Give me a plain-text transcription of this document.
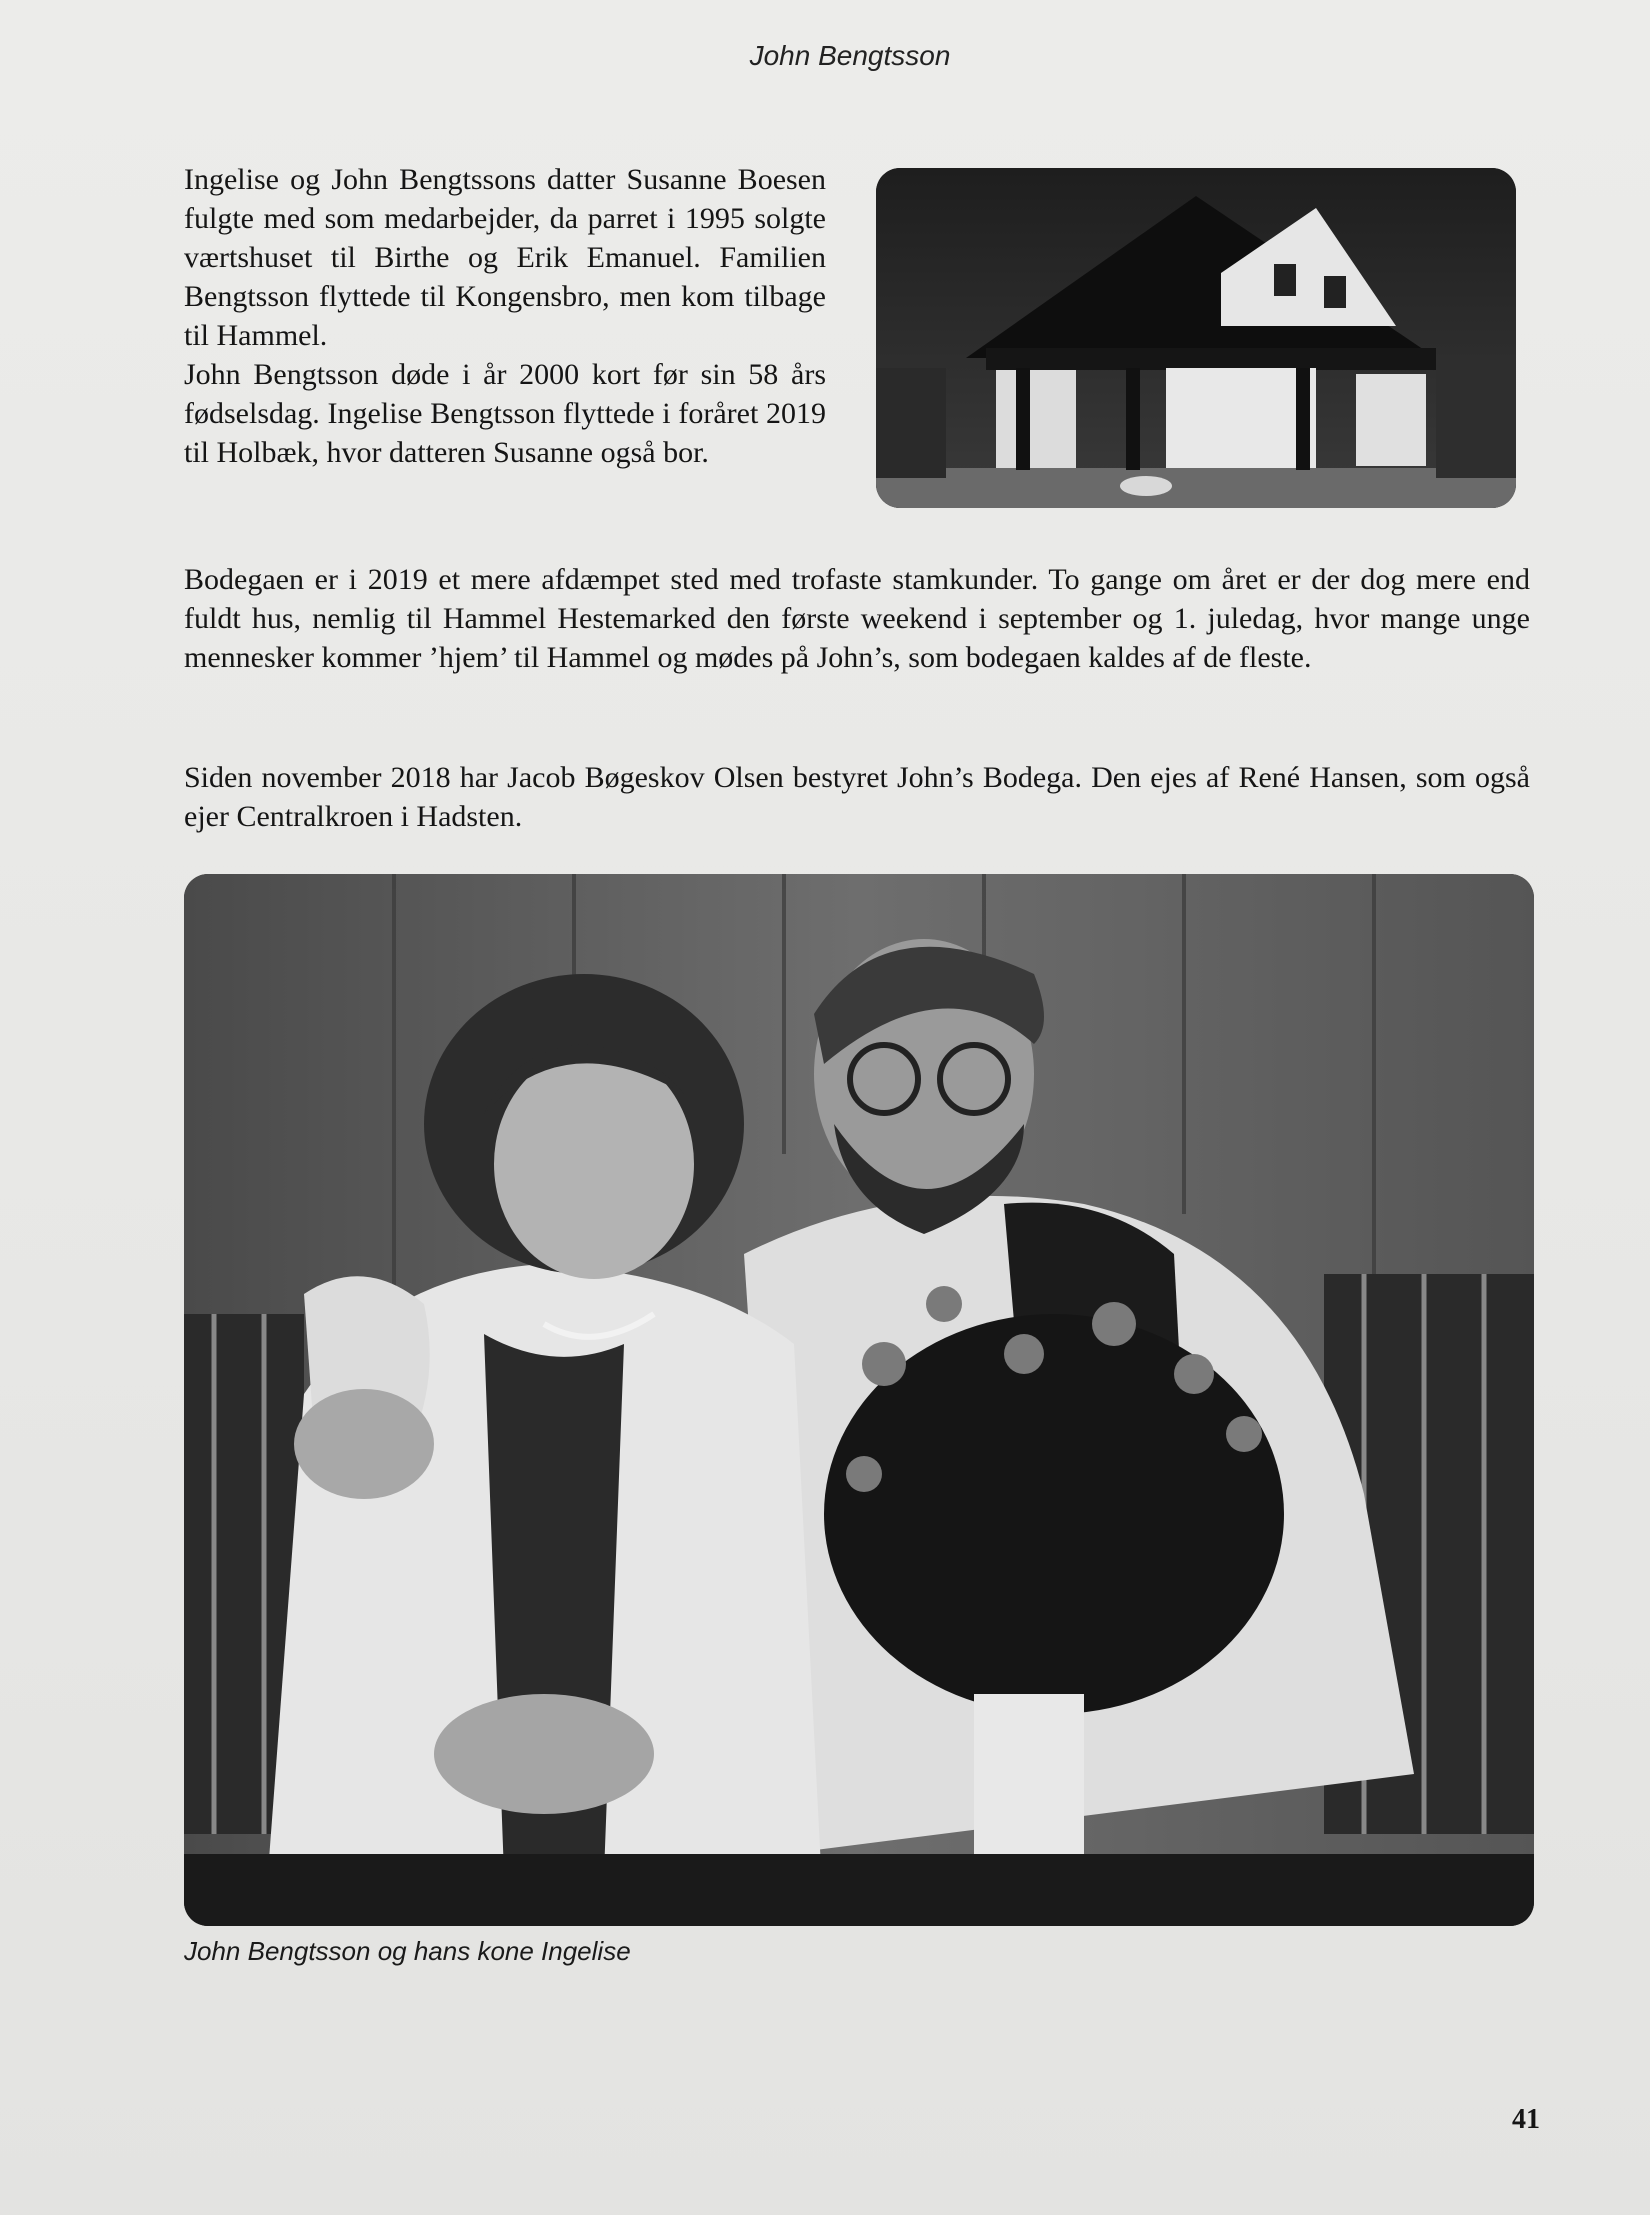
John Bengtsson

Ingelise og John Bengtssons datter Susanne Boesen fulgte med som medarbejder, da parret i 1995 solgte værtshuset til Birthe og Erik Emanuel. Familien Bengtsson flyttede til Kongensbro, men kom tilbage til Hammel.

John Bengtsson døde i år 2000 kort før sin 58 års fødselsdag. Ingelise Bengtsson flyttede i foråret 2019 til Holbæk, hvor datteren Susanne også bor.

Bodegaen er i 2019 et mere afdæmpet sted med trofaste stamkunder. To gange om året er der dog mere end fuldt hus, nemlig til Hammel Hestemarked den første weekend i september og 1. juledag, hvor mange unge mennesker kommer ’hjem’ til Hammel og mødes på John’s, som bodegaen kaldes af de fleste.

Siden november 2018 har Jacob Bøgeskov Olsen bestyret John’s Bodega. Den ejes af René Hansen, som også ejer Centralkroen i Hadsten.

John Bengtsson og hans kone Ingelise
41
